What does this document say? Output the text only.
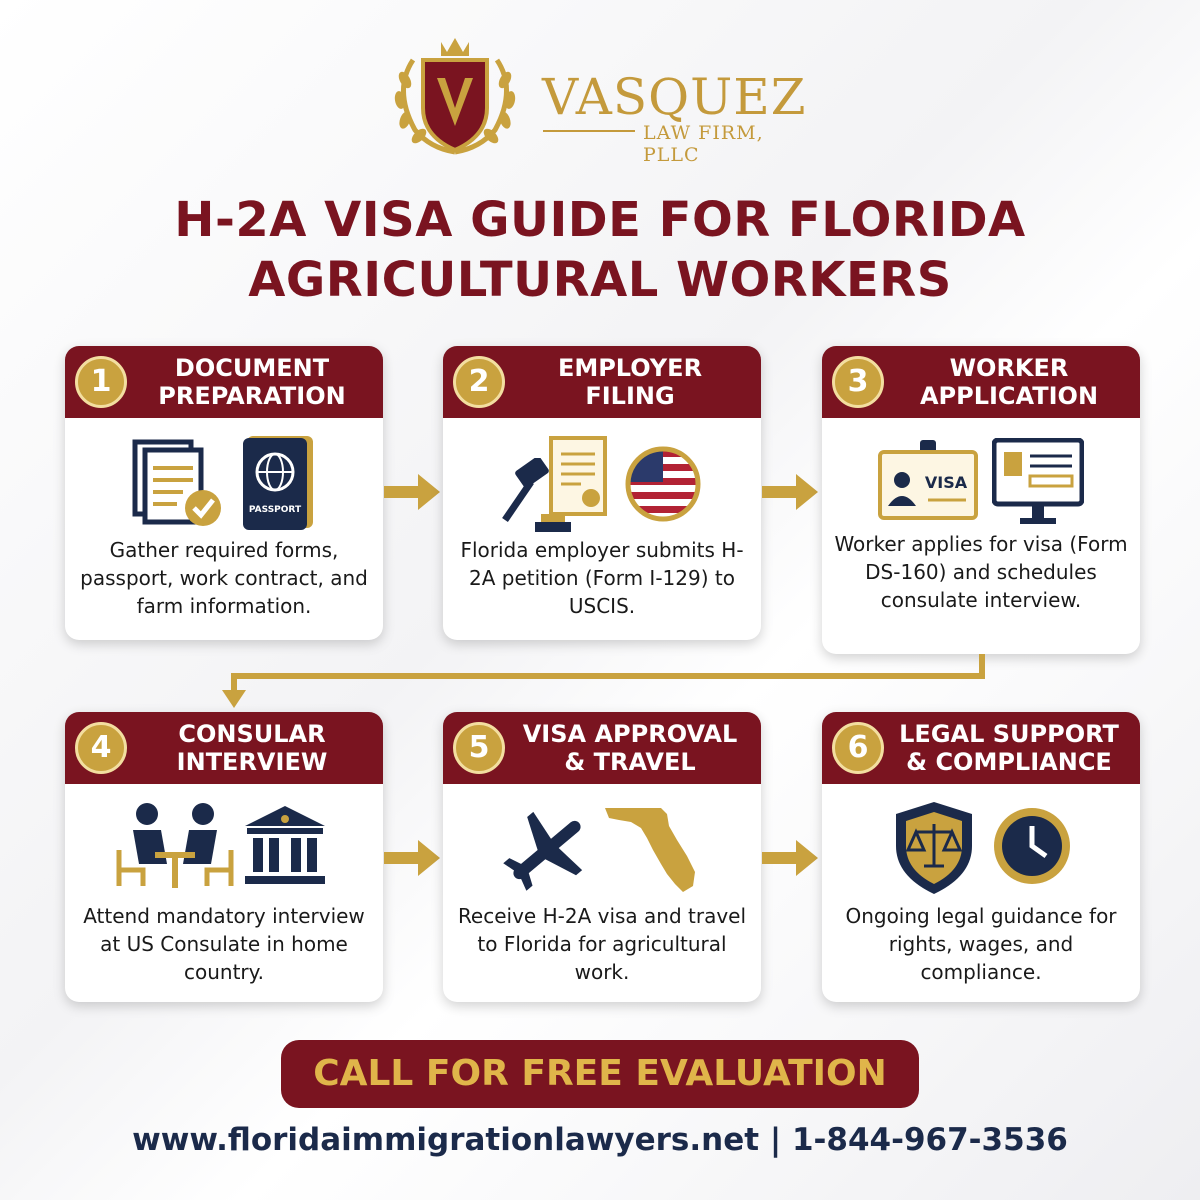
VASQUEZ
LAW FIRM, PLLC
H-2A VISA GUIDE FOR FLORIDA
AGRICULTURAL WORKERS
1	DOCUMENT
PREPARATION
PASSPORT
Gather required forms, passport, work contract, and farm information.
2	EMPLOYER
FILING
Florida employer submits H-2A petition (Form I-129) to USCIS.
3	WORKER
APPLICATION
VISA
Worker applies for visa (Form DS-160) and schedules consulate interview.
4	CONSULAR
INTERVIEW
Attend mandatory interview at US Consulate in home country.
5	VISA APPROVAL
& TRAVEL
Receive H-2A visa and travel to Florida for agricultural work.
6	LEGAL SUPPORT
& COMPLIANCE
Ongoing legal guidance for rights, wages, and compliance.
CALL FOR FREE EVALUATION
www.floridaimmigrationlawyers.net | 1-844-967-3536
